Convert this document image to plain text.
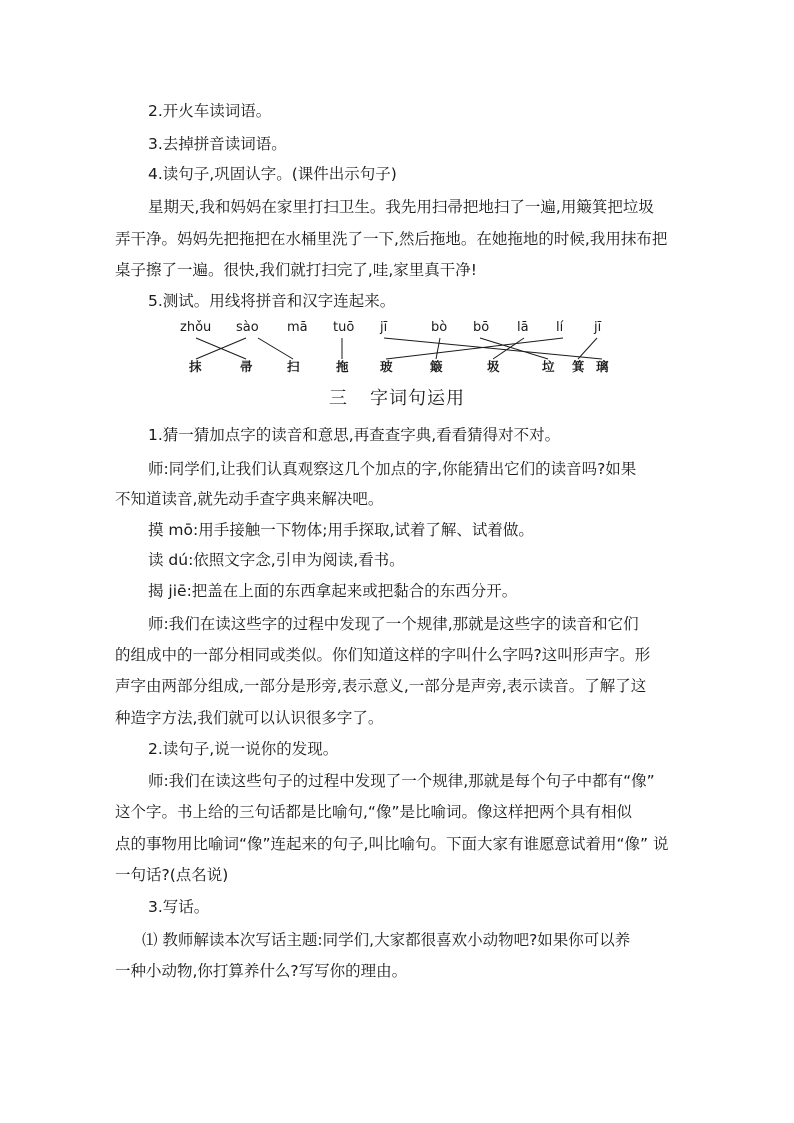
2.开火车读词语。
3.去掉拼音读词语。
4.读句子,巩固认字。(课件出示句子)
星期天,我和妈妈在家里打扫卫生。我先用扫帚把地扫了一遍,用簸箕把垃圾
弄干净。妈妈先把拖把在水桶里洗了一下,然后拖地。在她拖地的时候,我用抹布把
桌子擦了一遍。很快,我们就打扫完了,哇,家里真干净!
5.测试。用线将拼音和汉字连起来。
zhǒu sào mā tuō jī	bò bō lā lí jī
抹	帚	扫	拖	玻	簸	圾	垃 箕 璃
三 字词句运用
1.猜一猜加点字的读音和意思,再查查字典,看看猜得对不对。
师:同学们,让我们认真观察这几个加点的字,你能猜出它们的读音吗?如果
不知道读音,就先动手查字典来解决吧。
摸 mō:用手接触一下物体;用手探取,试着了解、试着做。
读 dú:依照文字念,引申为阅读,看书。
揭 jiē:把盖在上面的东西拿起来或把黏合的东西分开。
师:我们在读这些字的过程中发现了一个规律,那就是这些字的读音和它们
的组成中的一部分相同或类似。你们知道这样的字叫什么字吗?这叫形声字。形
声字由两部分组成,一部分是形旁,表示意义,一部分是声旁,表示读音。了解了这
种造字方法,我们就可以认识很多字了。
2.读句子,说一说你的发现。
师:我们在读这些句子的过程中发现了一个规律,那就是每个句子中都有“像”
这个字。书上给的三句话都是比喻句,“像”是比喻词。像这样把两个具有相似
点的事物用比喻词“像”连起来的句子,叫比喻句。下面大家有谁愿意试着用“像” 说
一句话?(点名说)
3.写话。
⑴ 教师解读本次写话主题:同学们,大家都很喜欢小动物吧?如果你可以养
一种小动物,你打算养什么?写写你的理由。
